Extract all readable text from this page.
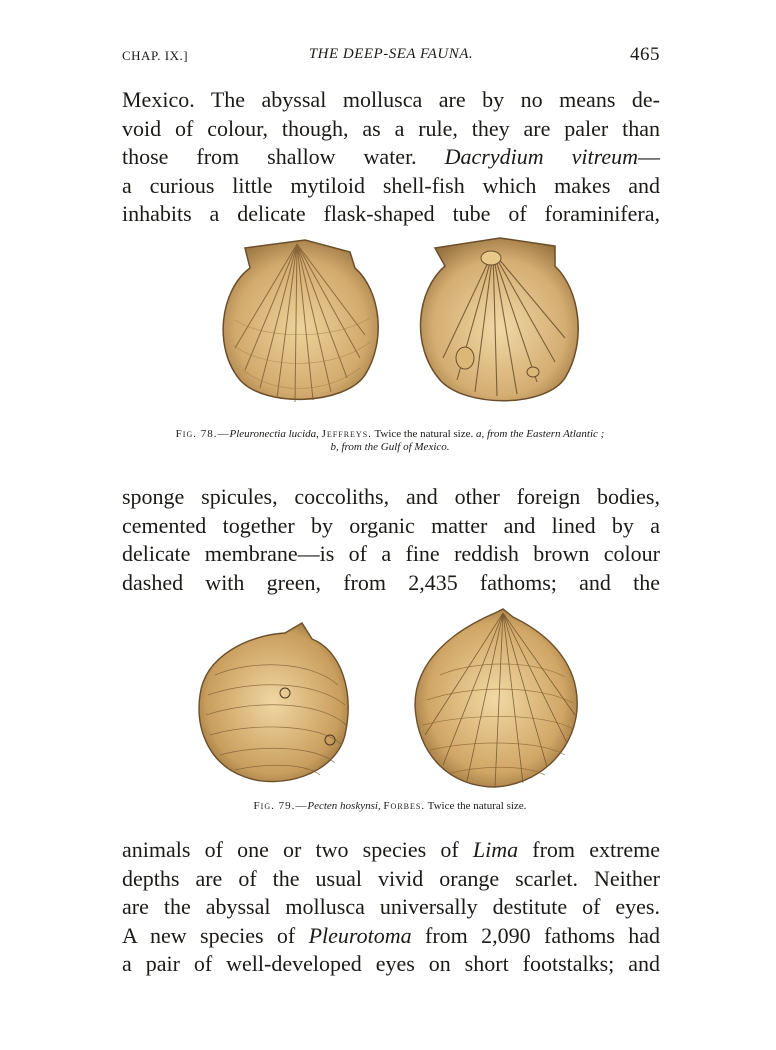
CHAP. IX.]	THE DEEP-SEA FAUNA.	465
Mexico. The abyssal mollusca are by no means de-
void of colour, though, as a rule, they are paler than
those from shallow water. Dacrydium vitreum—
a curious little mytiloid shell-fish which makes and
inhabits a delicate flask-shaped tube of foraminifera,
Fig. 78.—Pleuronectia lucida, Jeffreys. Twice the natural size. a, from the Eastern Atlantic ;
b, from the Gulf of Mexico.
sponge spicules, coccoliths, and other foreign bodies,
cemented together by organic matter and lined by a
delicate membrane—is of a fine reddish brown colour
dashed with green, from 2,435 fathoms; and the
Fig. 79.—Pecten hoskynsi, Forbes. Twice the natural size.
animals of one or two species of Lima from extreme
depths are of the usual vivid orange scarlet. Neither
are the abyssal mollusca universally destitute of eyes.
A new species of Pleurotoma from 2,090 fathoms had
a pair of well-developed eyes on short footstalks; and
